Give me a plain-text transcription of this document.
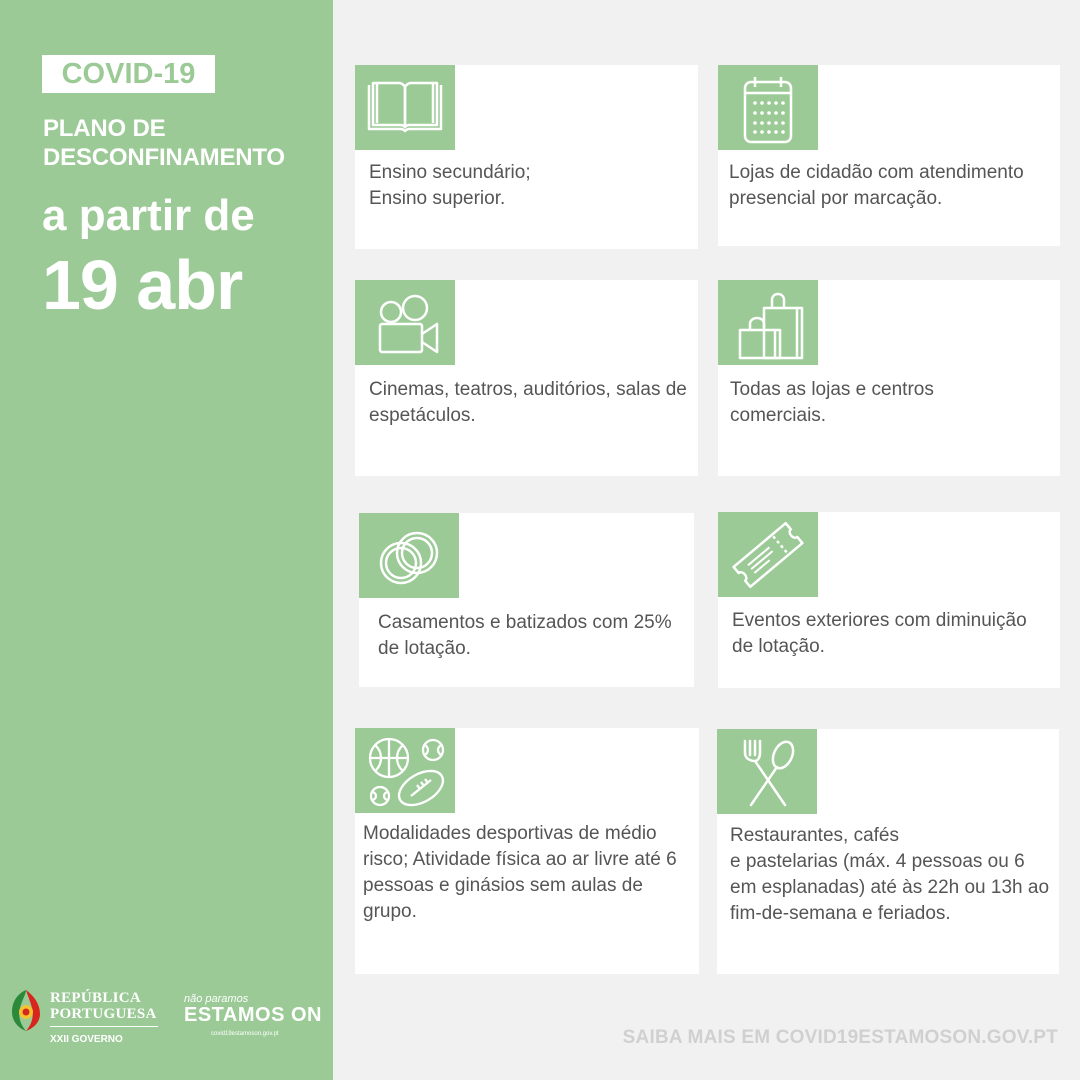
COVID-19
PLANO DE DESCONFINAMENTO
a partir de
19 abr
REPÚBLICA
PORTUGUESA
XXII GOVERNO
não paramos
ESTAMOS ON
covid19estamoson.gov.pt
Ensino secundário;
Ensino superior.
Lojas de cidadão com atendimento presencial por marcação.
Cinemas, teatros, auditórios, salas de espetáculos.
Todas as lojas e centros comerciais.
Casamentos e batizados com 25% de lotação.
Eventos exteriores com diminuição de lotação.
Modalidades desportivas de médio risco; Atividade física ao ar livre até 6 pessoas e ginásios sem aulas de grupo.
Restaurantes, cafés
e pastelarias (máx. 4 pessoas ou 6 em esplanadas) até às 22h ou 13h ao fim-de-semana e feriados.
SAIBA MAIS EM COVID19ESTAMOSON.GOV.PT
